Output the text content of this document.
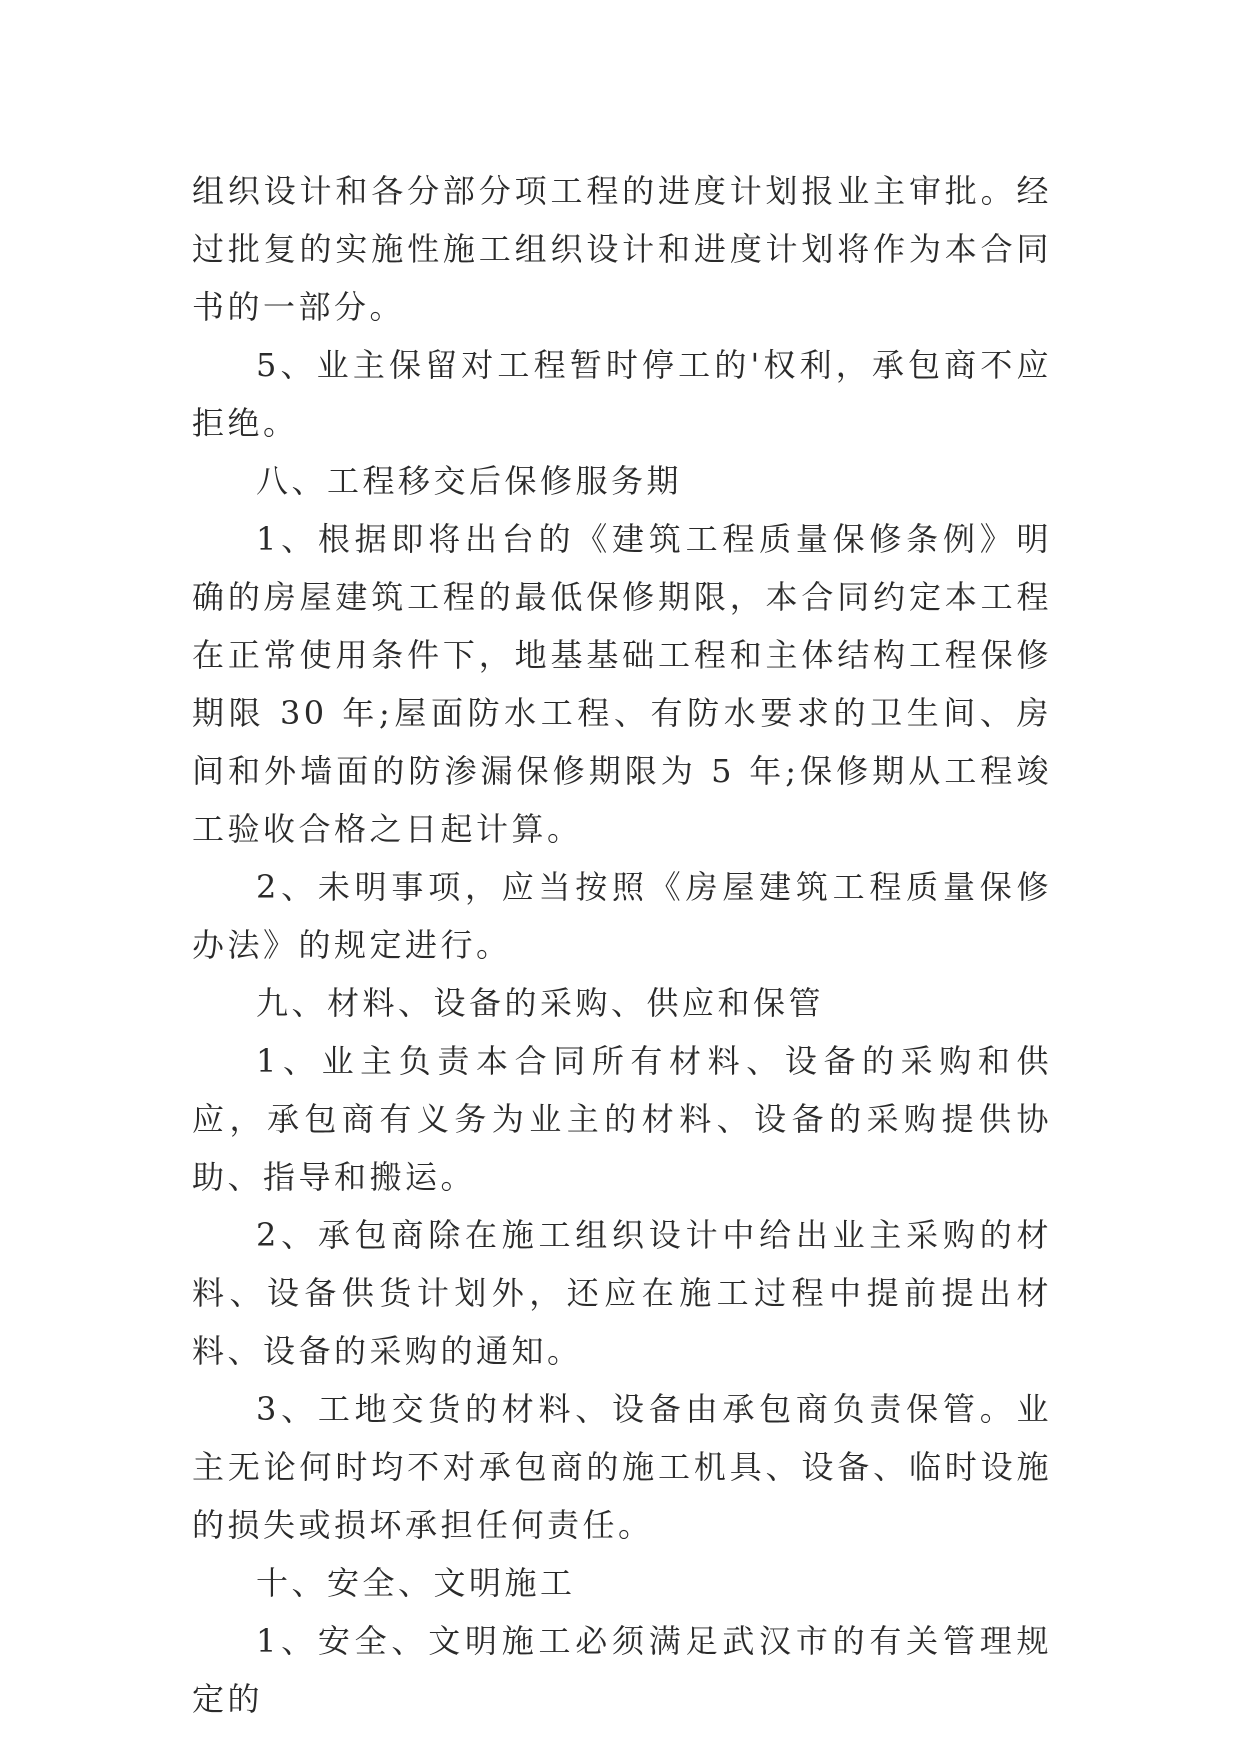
组织设计和各分部分项工程的进度计划报业主审批。经过批复的实施性施工组织设计和进度计划将作为本合同书的一部分。

5、业主保留对工程暂时停工的'权利，承包商不应拒绝。

八、工程移交后保修服务期

1、根据即将出台的《建筑工程质量保修条例》明确的房屋建筑工程的最低保修期限，本合同约定本工程在正常使用条件下，地基基础工程和主体结构工程保修期限 30 年;屋面防水工程、有防水要求的卫生间、房间和外墙面的防渗漏保修期限为 5 年;保修期从工程竣工验收合格之日起计算。

2、未明事项，应当按照《房屋建筑工程质量保修办法》的规定进行。

九、材料、设备的采购、供应和保管

1、业主负责本合同所有材料、设备的采购和供应，承包商有义务为业主的材料、设备的采购提供协助、指导和搬运。

2、承包商除在施工组织设计中给出业主采购的材料、设备供货计划外，还应在施工过程中提前提出材料、设备的采购的通知。

3、工地交货的材料、设备由承包商负责保管。业主无论何时均不对承包商的施工机具、设备、临时设施的损失或损坏承担任何责任。

十、安全、文明施工

1、安全、文明施工必须满足武汉市的有关管理规定的
